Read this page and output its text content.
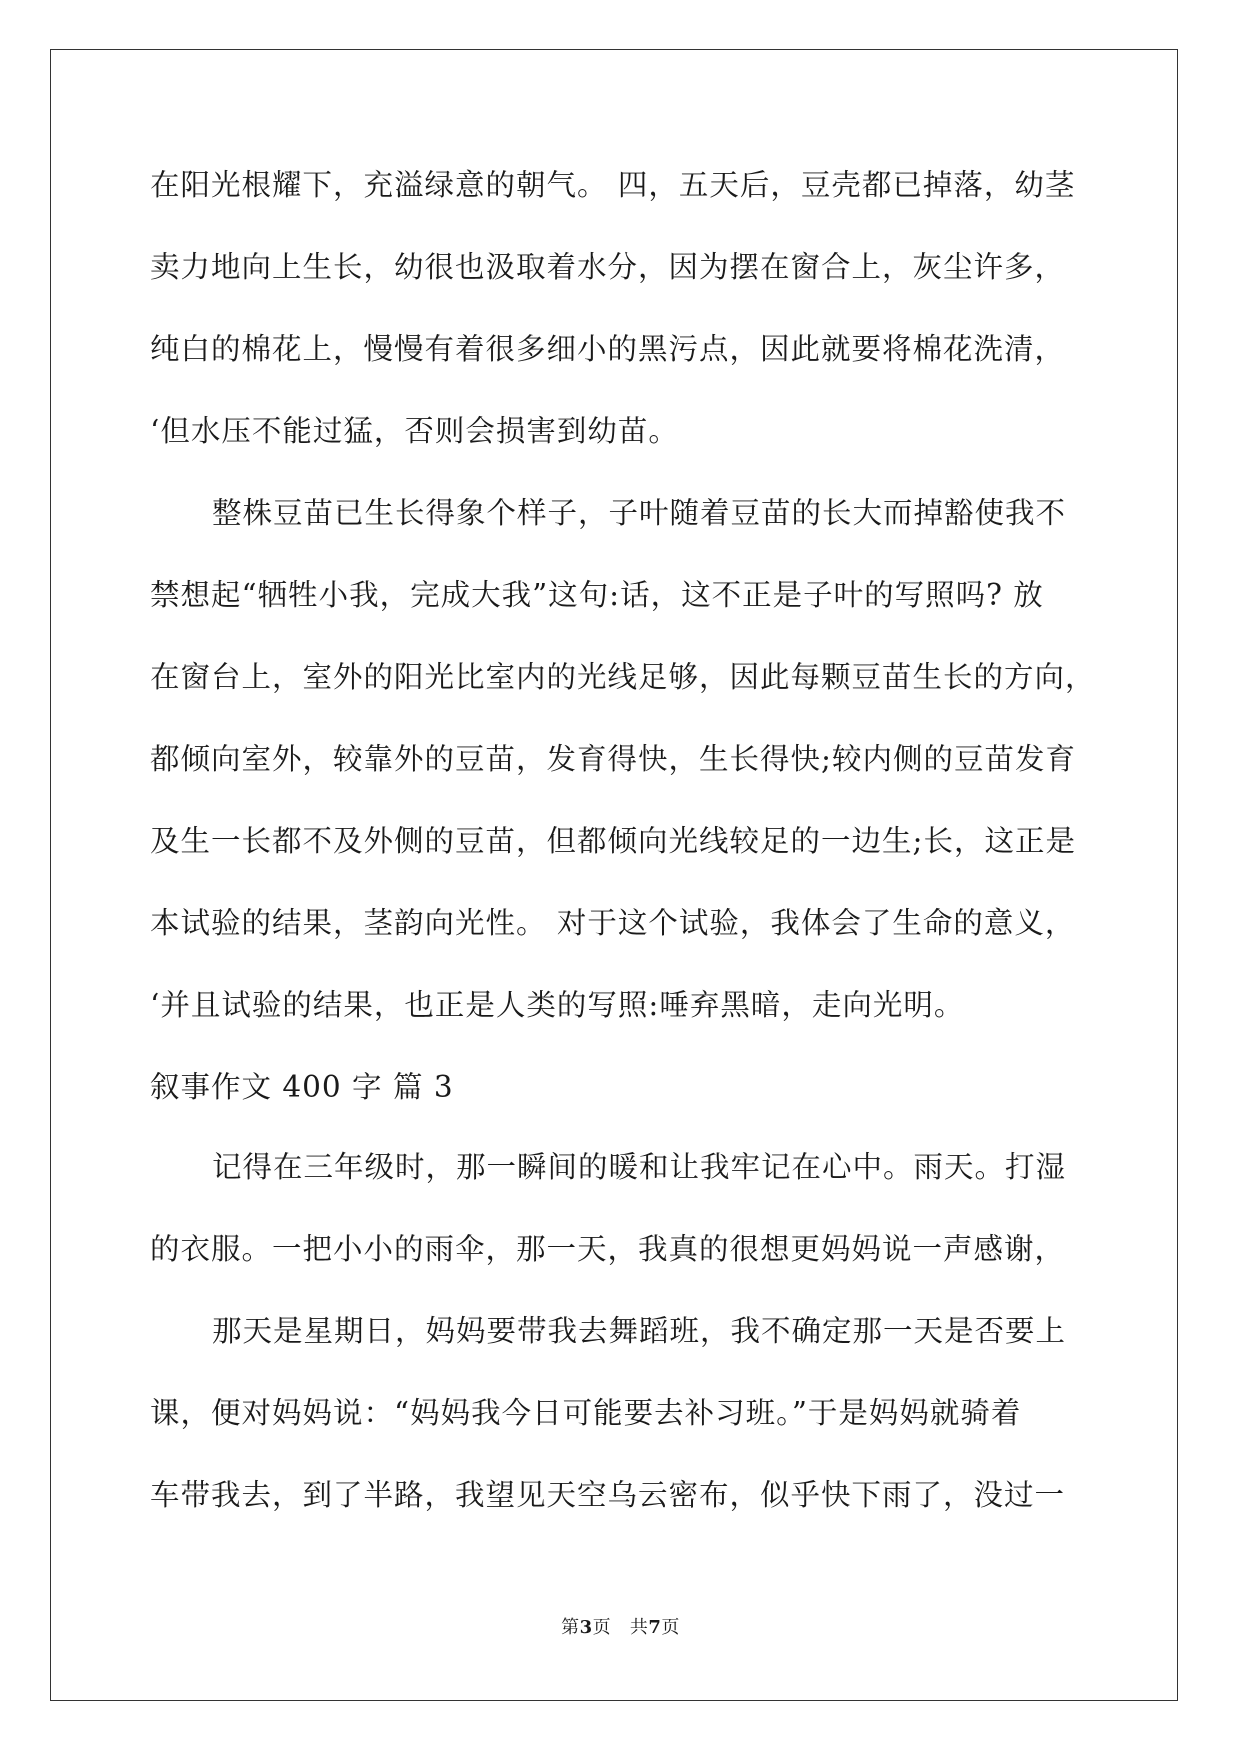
在阳光根耀下，充溢绿意的朝气。 四，五天后，豆壳都已掉落，幼茎
卖力地向上生长，幼很也汲取着水分，因为摆在窗合上，灰尘许多，
纯白的棉花上，慢慢有着很多细小的黑污点，因此就要将棉花洗清，
‘但水压不能过猛，否则会损害到幼苗。
整株豆苗已生长得象个样子，子叶随着豆苗的长大而掉豁使我不
禁想起“牺牲小我，完成大我”这句:话，这不正是子叶的写照吗? 放
在窗台上，室外的阳光比室内的光线足够，因此每颗豆苗生长的方向，
都倾向室外，较靠外的豆苗，发育得快，生长得快;较内侧的豆苗发育
及生一长都不及外侧的豆苗，但都倾向光线较足的一边生;长，这正是
本试验的结果，茎韵向光性。 对于这个试验，我体会了生命的意义，
‘并且试验的结果，也正是人类的写照:唾弃黑暗，走向光明。
叙事作文 400 字 篇 3
记得在三年级时，那一瞬间的暖和让我牢记在心中。雨天。打湿
的衣服。一把小小的雨伞，那一天，我真的很想更妈妈说一声感谢，
那天是星期日，妈妈要带我去舞蹈班，我不确定那一天是否要上
课，便对妈妈说：“妈妈我今日可能要去补习班。”于是妈妈就骑着
车带我去，到了半路，我望见天空乌云密布，似乎快下雨了，没过一
第3页   共7页
